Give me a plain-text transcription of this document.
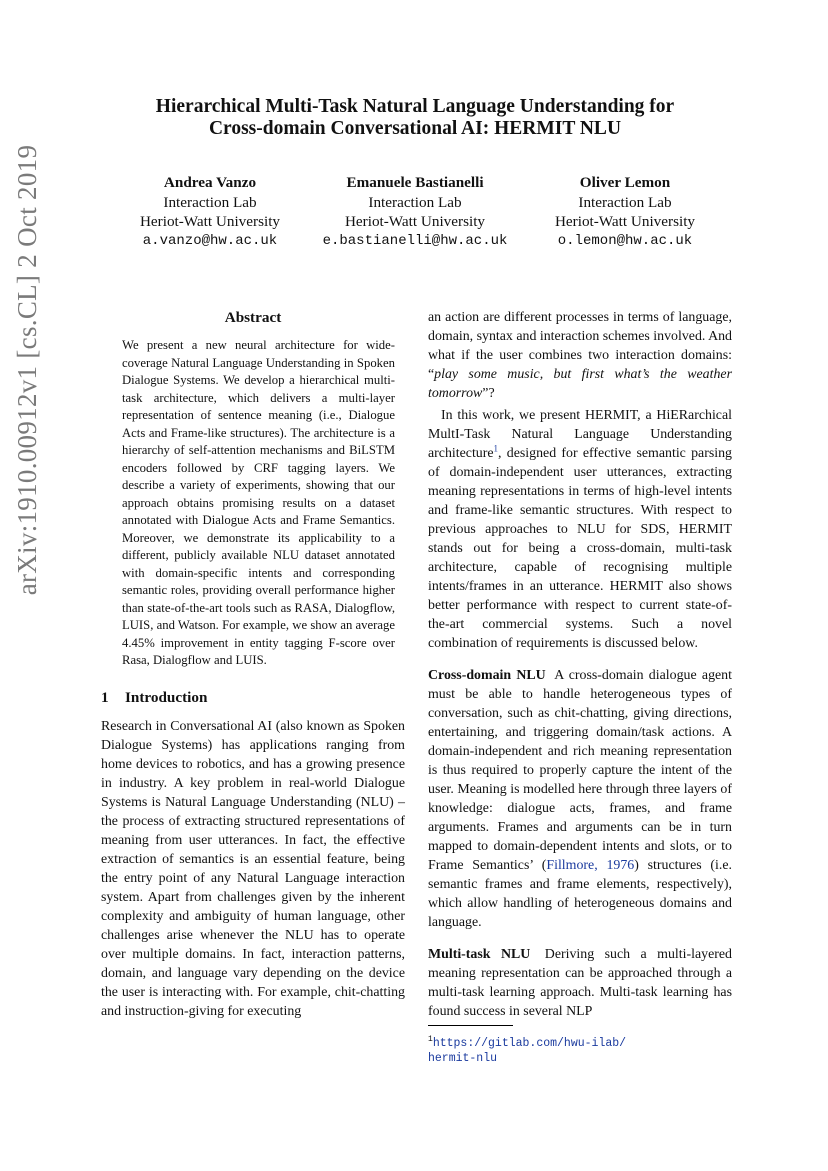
arXiv:1910.00912v1 [cs.CL] 2 Oct 2019
Hierarchical Multi-Task Natural Language Understanding for
Cross-domain Conversational AI: HERMIT NLU
Andrea Vanzo
Interaction Lab
Heriot-Watt University
a.vanzo@hw.ac.uk
Emanuele Bastianelli
Interaction Lab
Heriot-Watt University
e.bastianelli@hw.ac.uk
Oliver Lemon
Interaction Lab
Heriot-Watt University
o.lemon@hw.ac.uk
Abstract
We present a new neural architecture for wide-coverage Natural Language Understanding in Spoken Dialogue Systems. We develop a hierarchical multi-task architecture, which delivers a multi-layer representation of sentence meaning (i.e., Dialogue Acts and Frame-like structures). The architecture is a hierarchy of self-attention mechanisms and BiLSTM encoders followed by CRF tagging layers. We describe a variety of experiments, showing that our approach obtains promising results on a dataset annotated with Dialogue Acts and Frame Semantics. Moreover, we demonstrate its applicability to a different, publicly available NLU dataset annotated with domain-specific intents and corresponding semantic roles, providing overall performance higher than state-of-the-art tools such as RASA, Dialogflow, LUIS, and Watson. For example, we show an average 4.45% improvement in entity tagging F-score over Rasa, Dialogflow and LUIS.
1 Introduction

Research in Conversational AI (also known as Spoken Dialogue Systems) has applications ranging from home devices to robotics, and has a growing presence in industry. A key problem in real-world Dialogue Systems is Natural Language Understanding (NLU) – the process of extracting structured representations of meaning from user utterances. In fact, the effective extraction of semantics is an essential feature, being the entry point of any Natural Language interaction system. Apart from challenges given by the inherent complexity and ambiguity of human language, other challenges arise whenever the NLU has to operate over multiple domains. In fact, interaction patterns, domain, and language vary depending on the device the user is interacting with. For example, chit-chatting and instruction-giving for executing

an action are different processes in terms of language, domain, syntax and interaction schemes involved. And what if the user combines two interaction domains: “play some music, but first what’s the weather tomorrow”?

In this work, we present HERMIT, a HiERarchical MultI-Task Natural Language Understanding architecture$^1$, designed for effective semantic parsing of domain-independent user utterances, extracting meaning representations in terms of high-level intents and frame-like semantic structures. With respect to previous approaches to NLU for SDS, HERMIT stands out for being a cross-domain, multi-task architecture, capable of recognising multiple intents/frames in an utterance. HERMIT also shows better performance with respect to current state-of-the-art commercial systems. Such a novel combination of requirements is discussed below.

Cross-domain NLU A cross-domain dialogue agent must be able to handle heterogeneous types of conversation, such as chit-chatting, giving directions, entertaining, and triggering domain/task actions. A domain-independent and rich meaning representation is thus required to properly capture the intent of the user. Meaning is modelled here through three layers of knowledge: dialogue acts, frames, and frame arguments. Frames and arguments can be in turn mapped to domain-dependent intents and slots, or to Frame Semantics’ (Fillmore, 1976) structures (i.e. semantic frames and frame elements, respectively), which allow handling of heterogeneous domains and language.

Multi-task NLU Deriving such a multi-layered meaning representation can be approached through a multi-task learning approach. Multi-task learning has found success in several NLP

$^1$https://gitlab.com/hwu-ilab/
hermit-nlu
